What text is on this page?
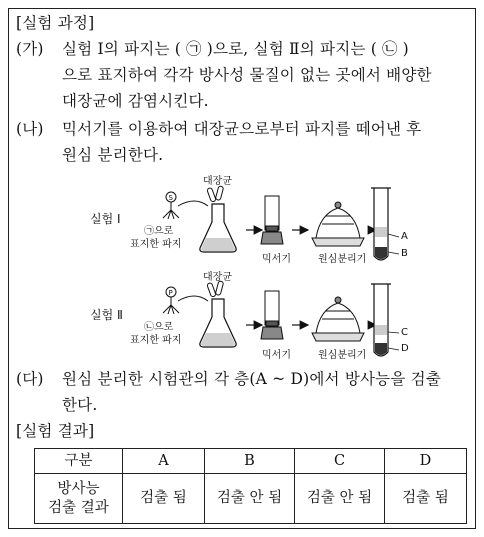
[실험 과정]
(가) 실험 Ⅰ의 파지는 ( ㉠ )으로, 실험 Ⅱ의 파지는 ( ㉡ )
으로 표지하여 각각 방사성 물질이 없는 곳에서 배양한
대장균에 감염시킨다.
(나) 믹서기를 이용하여 대장균으로부터 파지를 떼어낸 후
원심 분리한다.
S
P
실험 Ⅰ
대장균
㉠으로
표지한 파지
믹서기	원심분리기
A
B
실험 Ⅱ
대장균
㉡으로
표지한 파지
믹서기	원심분리기
C
D
(다) 원심 분리한 시험관의 각 층(A ~ D)에서 방사능을 검출
한다.
[실험 결과]
구분	A	B	C	D

방사능
검출 결과	검출 됨	검출 안 됨	검출 안 됨	검출 됨
